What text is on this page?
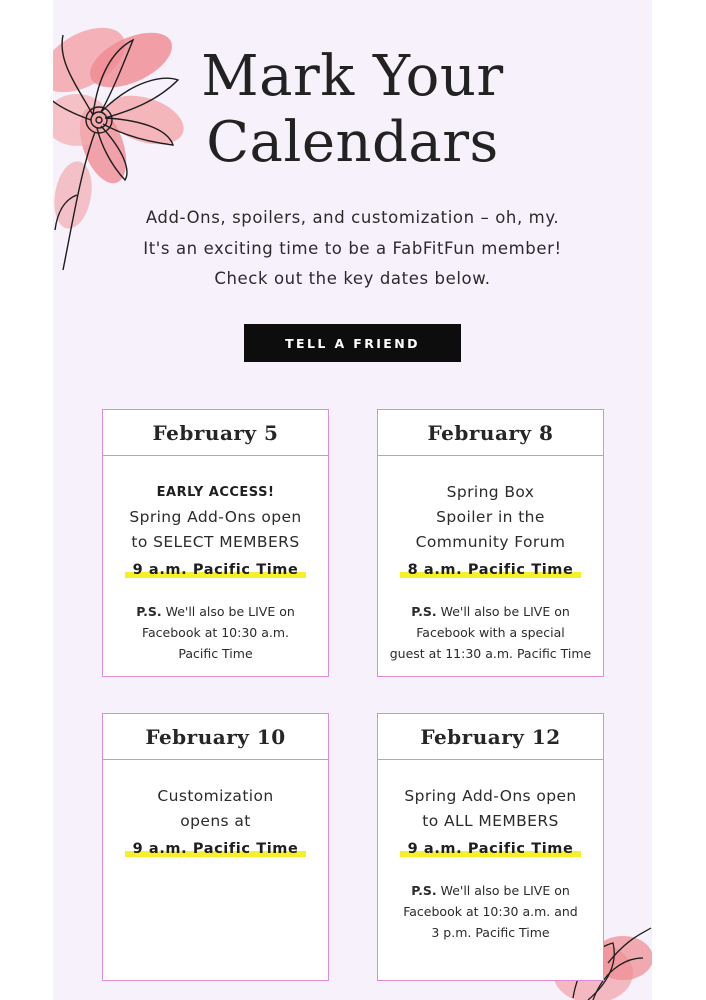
Mark Your
Calendars
Add-Ons, spoilers, and customization – oh, my.
It's an exciting time to be a FabFitFun member!
Check out the key dates below.
TELL A FRIEND
February 5
EARLY ACCESS!
Spring Add-Ons open
to SELECT MEMBERS
9 a.m. Pacific Time
P.S. We'll also be LIVE on
Facebook at 10:30 a.m.
Pacific Time
February 8
Spring Box
Spoiler in the
Community Forum
8 a.m. Pacific Time
P.S. We'll also be LIVE on
Facebook with a special
guest at 11:30 a.m. Pacific Time
February 10
Customization
opens at
9 a.m. Pacific Time
February 12
Spring Add-Ons open
to ALL MEMBERS
9 a.m. Pacific Time
P.S. We'll also be LIVE on
Facebook at 10:30 a.m. and
3 p.m. Pacific Time
